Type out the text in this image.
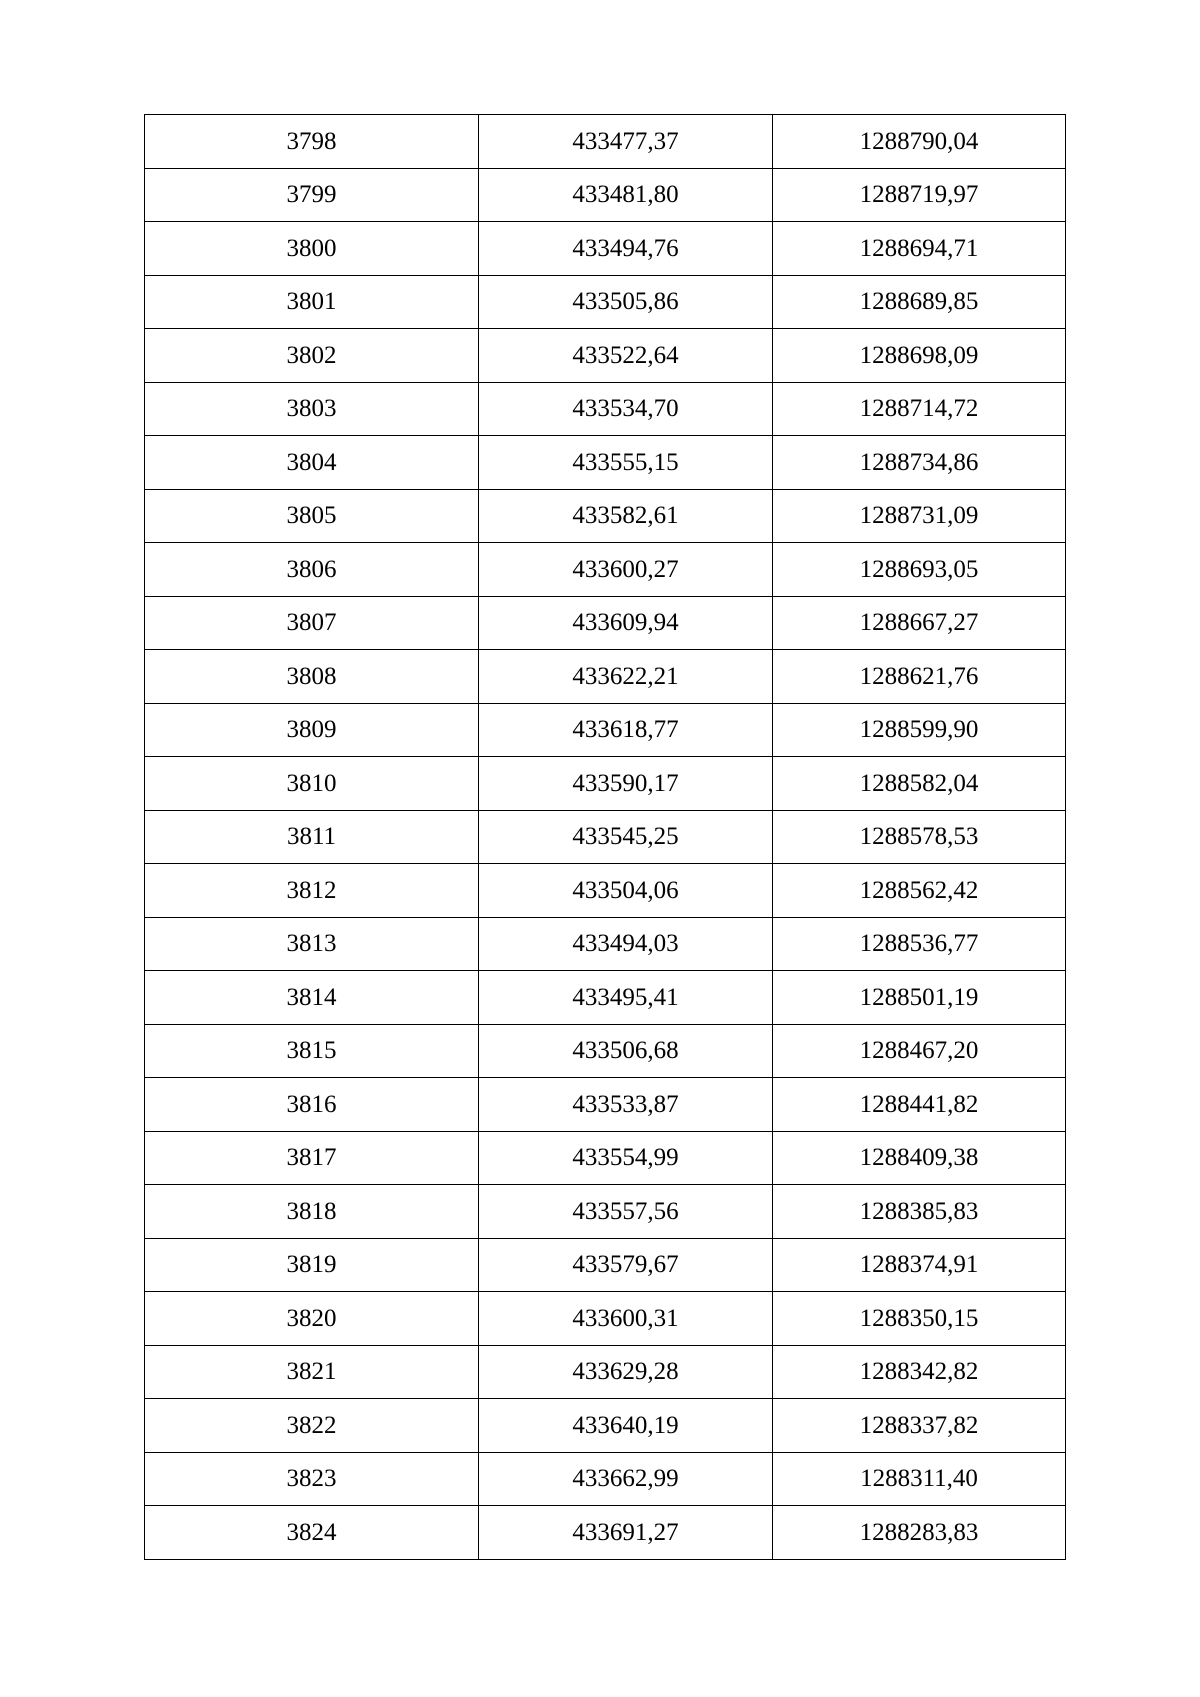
3798	433477,37	1288790,04
3799	433481,80	1288719,97
3800	433494,76	1288694,71
3801	433505,86	1288689,85
3802	433522,64	1288698,09
3803	433534,70	1288714,72
3804	433555,15	1288734,86
3805	433582,61	1288731,09
3806	433600,27	1288693,05
3807	433609,94	1288667,27
3808	433622,21	1288621,76
3809	433618,77	1288599,90
3810	433590,17	1288582,04
3811	433545,25	1288578,53
3812	433504,06	1288562,42
3813	433494,03	1288536,77
3814	433495,41	1288501,19
3815	433506,68	1288467,20
3816	433533,87	1288441,82
3817	433554,99	1288409,38
3818	433557,56	1288385,83
3819	433579,67	1288374,91
3820	433600,31	1288350,15
3821	433629,28	1288342,82
3822	433640,19	1288337,82
3823	433662,99	1288311,40
3824	433691,27	1288283,83
